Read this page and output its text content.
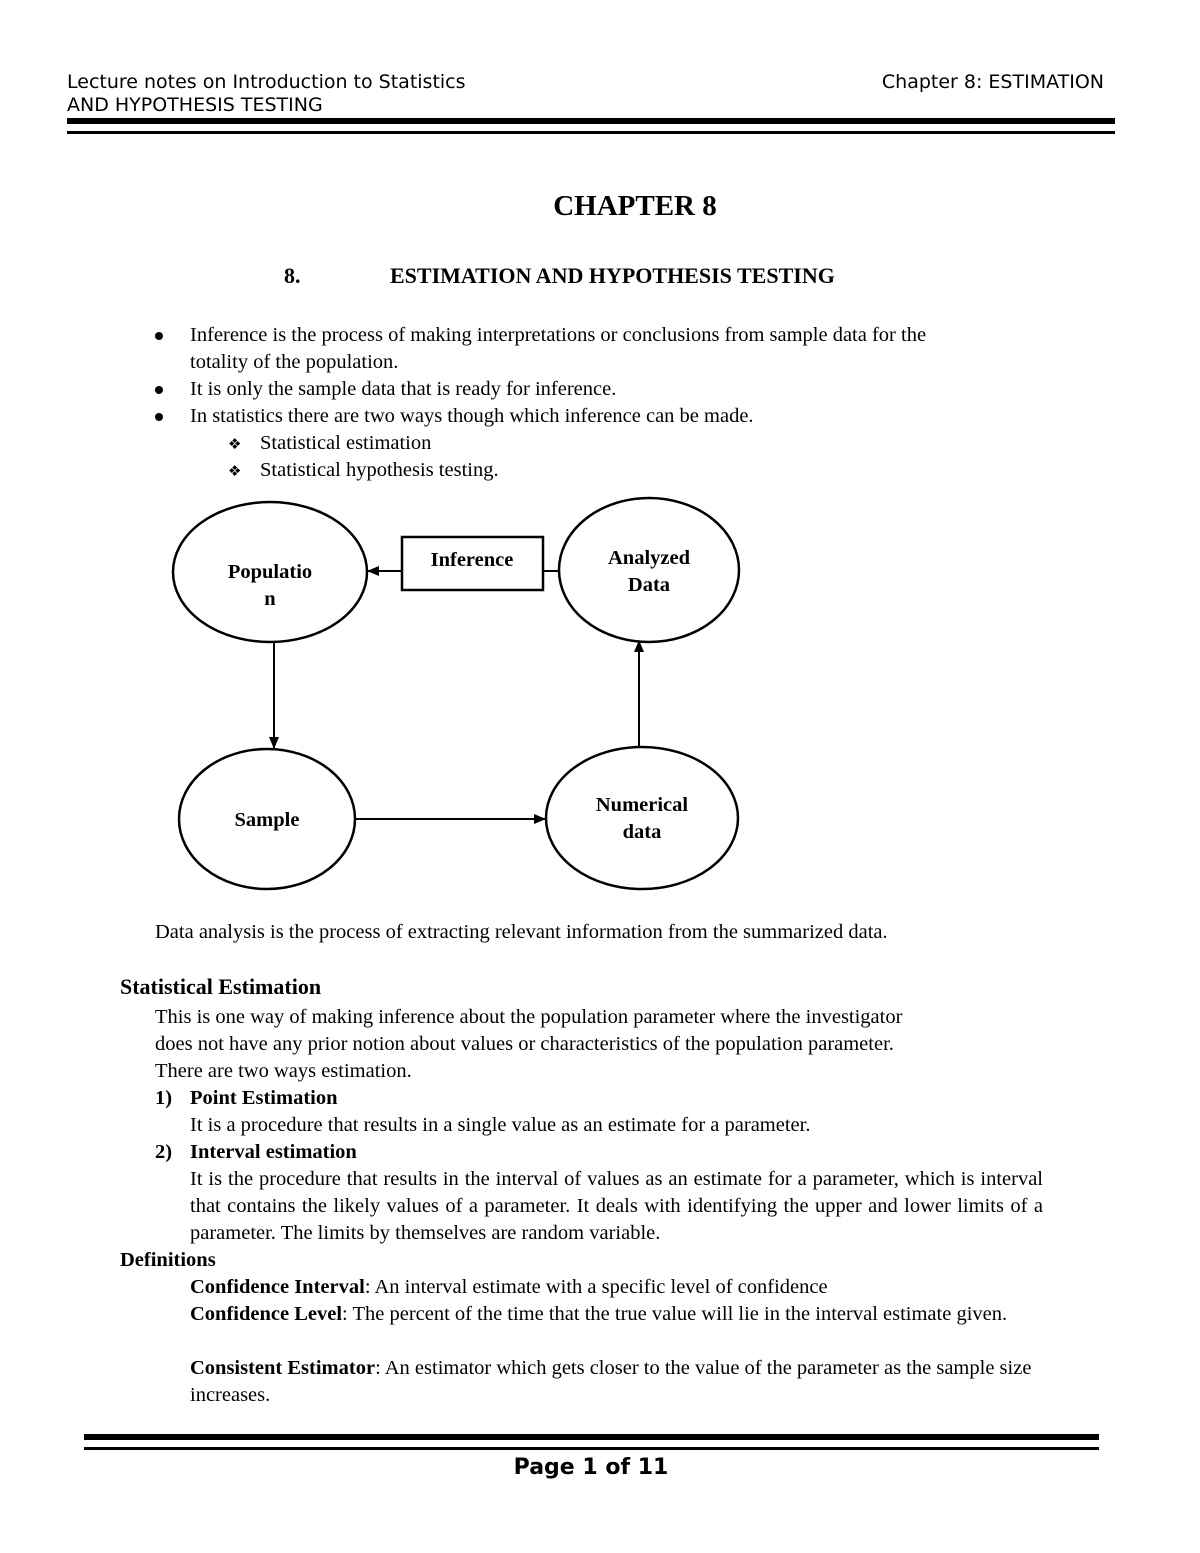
Lecture notes on Introduction to Statistics
AND HYPOTHESIS TESTING
Chapter 8: ESTIMATION
CHAPTER 8
8.	ESTIMATION AND HYPOTHESIS TESTING
Inference is the process of making interpretations or conclusions from sample data for the
totality of the population.
It is only the sample data that is ready for inference.
In statistics there are two ways though which inference can be made.
❖ Statistical estimation
❖ Statistical hypothesis testing.
Populatio
n
Inference	Analyzed
Data
Sample
Numerical
data
Data analysis is the process of extracting relevant information from the summarized data.
Statistical Estimation
This is one way of making inference about the population parameter where the investigator
does not have any prior notion about values or characteristics of the population parameter.
There are two ways estimation.
1) Point Estimation
It is a procedure that results in a single value as an estimate for a parameter.
2) Interval estimation
It is the procedure that results in the interval of values as an estimate for a parameter, which is interval that contains the likely values of a parameter. It deals with identifying the upper and lower limits of a parameter. The limits by themselves are random variable.
Definitions
Confidence Interval: An interval estimate with a specific level of confidence
Confidence Level: The percent of the time that the true value will lie in the interval estimate given.
Consistent Estimator: An estimator which gets closer to the value of the parameter as the sample size increases.
Page 1 of 11
